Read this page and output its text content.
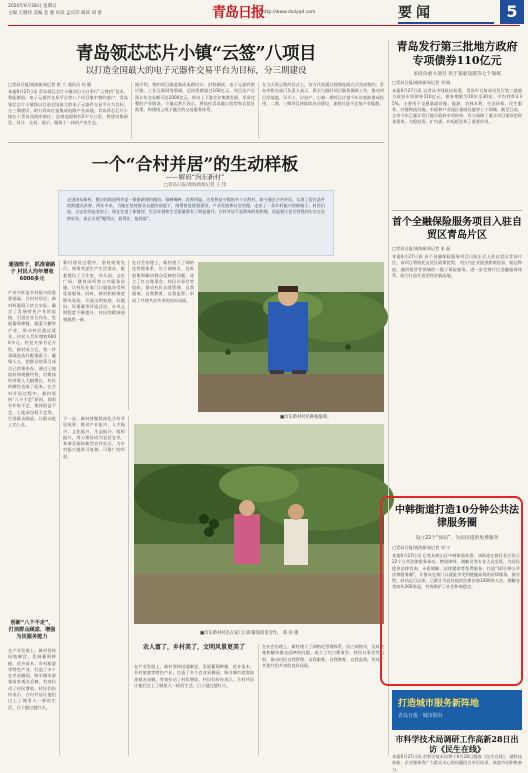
2020年6月28日 星期日
主编 王晓伟 美编 金 强 审读 孟庆洋 阅读 胡 蕾	青岛日报
http://www.dailyqd.com	要闻	5
青岛领芯芯片小镇“云签”八项目
以打造全国最大的电子元器件交易平台为目标，分三期建设
□青岛日报/观海新闻记者 崔 兰 通讯员 孙 健
本报6月27日讯 青岛领芯芯片小镇项目今日举行“云签约”仪术，智能制造、电子元器件交易平台等八个项目集中签约落户，青岛领芯芯片小镇将以打造全国最大的电子元器件交易平台为目标，分三期建设，助力青岛打造集成电路产业高地。青岛领芯芯片小镇位于青岛西海岸新区，总规划面积约2平方公里，将建设集研发、设计、交易、展示、服务于一体的产业生态。
据介绍，签约项目涵盖集成电路设计、封装测试、电子元器件供应链、工业互联网等领域，总投资额超过100亿元。项目达产后预计年交易额可达1000亿元，带动上下游企业集聚发展，形成完整的产业链条。小镇运营方表示，将依托青岛港口优势和自贸区政策，构建线上线下融合的交易服务体系。
在当天的云签约仪式上，各方代表通过视频连线方式完成签约。青岛市相关部门负责人表示，将全力做好项目服务保障工作，推动项目早落地、早开工、早投产。小镇一期项目计划今年年底前建成投用，二期、三期项目将陆续启动建设，加快打造千亿级产业集群。
一个“合村并居”的生动样板
——解码“泃东新村”
□青岛日报/观海新闻记者 王 伟
走进泃东新村，整洁的街道两旁是一排排新建的楼房，绿树掩映，花香四溢。这里曾是分散的多个自然村，如今通过合村并居，实现了居住条件的跨越式改善。两年多来，当地在坚持群众自愿的前提下，统筹推进规划建设、产业发展和社会治理，走出了一条乡村振兴的新路子。村民们说，过去住的是老房子，现在住进了新楼房，生活环境和生活质量都有了明显提升。合村并居不是简单的拆和建，而是要让老百姓得到实实在在的好处，真正实现“搬得出、稳得住、能致富”。
建强班子，抓准富路子 村民人均年增收6000多元
产业兴旺是乡村振兴的重要基础。合村并居后，新村两委班子结合实际，确定了发展特色产业的思路，引进农业合作社，发展葡萄种植、蔬菜大棚等产业，带动村民就近就业，村民人均年增收6000多元。村党支部书记介绍，新村成立后，第一件事就是选好配强班子，凝聚人心，把群众的事当成自己的事来办。通过土地流转和规模经营，村集体经济收入大幅增长，村民的腰包也鼓了起来。在合村并居过程中，新村坚持“八个不走”原则，即原有补贴不走、集体收益不走、土地承包权不走等，打消群众顾虑，让群众吃上定心丸。
创新“八个不走”，打消群众顾虑、增强为民服务能力
在产业发展上，新村坚持因地制宜，发展葡萄种植、花卉苗木、乡村旅游等特色产业，打造了多个农业采摘园，吸引城市游客前来观光采摘，有效拉动了村民增收。村民们纷纷表示，合村并居让他们过上了城里人一样的生活，日子越过越红火。
新村建设过程中，坚持规划先行，统筹考虑生产生活需求，配套建设了卫生室、幼儿园、文化广场、健身场所等公共服务设施，让村民在家门口就能享受到优质服务。同时，新村积极推进移风易俗，开展文明家庭、好媳妇、好婆婆等评选活动，乡风文明程度不断提升，村民的精神面貌焕然一新。
在社会治理上，新村建立了网格化管理体系，设立网格员，及时收集和解决群众反映的问题。成立了红白理事会、村民议事会等组织，推动村民自我管理、自我服务、自我教育、自我监督，形成了共建共治共享的良好局面。
■泃东新村村民种植葡萄。
下一步，新村将继续深化合村并居成果，推动产业振兴、人才振兴、文化振兴、生态振兴、组织振兴，努力建设成为宜居宜业、和谐美丽的新型农村社区，为乡村振兴提供可复制、可推广的经验。
■泃东新村村民在家门口的葡萄园里劳作。 郑 培 摄
农人富了，乡村美了，文明风景更美了
在产业发展上，新村坚持因地制宜，发展葡萄种植、花卉苗木、乡村旅游等特色产业，打造了多个农业采摘园，吸引城市游客前来观光采摘，有效拉动了村民增收。村民们纷纷表示，合村并居让他们过上了城里人一样的生活，日子越过越红火。
在社会治理上，新村建立了网格化管理体系，设立网格员，及时收集和解决群众反映的问题。成立了红白理事会、村民议事会等组织，推动村民自我管理、自我服务、自我教育、自我监督，形成了共建共治共享的良好局面。
青岛发行第三批地方政府专项债券110亿元
多投向重大项目 用于基础设施等七个领域
□青岛日报/观海新闻记者 刘 晓
本报6月27日讯 记者从市财政局获悉，青岛市日前成功发行第三批地方政府专项债券110亿元，债券期限为10年至30年，平均利率3.35%，主要用于交通基础设施、能源、农林水利、生态环保、民生服务、冷链物流设施、市政和产业园区基础设施等七个领域。截至目前，全市今年已累计发行地方政府专项债券，有力保障了重点项目建设的资金需求，为稳投资、扩内需、补短板发挥了重要作用。
首个全融保险服务项目入驻自贸区青岛片区
□青岛日报/观海新闻记者 张 晶
本报6月27日讯 首个金融保险服务项目日前正式入驻自贸区青岛片区，该项目将依托自贸区政策优势，为区内企业提供跨境贸易、航运物流、融资租赁等领域的一揽子保险服务，进一步完善片区金融服务体系，助力打造开放型经济新高地。
中韩街道打造10分钟公共法律服务圈
设立22个“驿站”，为居民提供免费服务
□青岛日报/观海新闻记者 刘 宁
本报6月27日讯 记者从崂山区中韩街道获悉，该街道在辖区社区设立22个公共法律服务驿站，聘请律师、调解员等专业人员坐班，为居民提供法律咨询、矛盾调解、法律援助等免费服务，打造“10分钟公共法律服务圈”，让群众在家门口就能享受到便捷高效的法律服务。据介绍，驿站运行以来，已累计为居民提供法律咨询1000余人次，调解各类纠纷200余起，有效维护了社会和谐稳定。
打造城市服务新阵地
青岛日报 · 城市阳台
市科学技术局调研工作高新28日出访《民生在线》
本报6月27日讯 市科学技术局将于6月28日做客《民生在线》，就科技创新、企业服务等广大群众关心的问题回应市民诉求，欢迎市民积极参与。
